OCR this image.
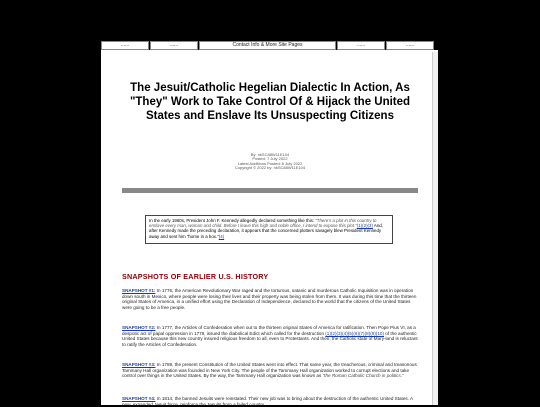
......	......	Contact Info & More Site Pages	......	......
The Jesuit/Catholic Hegelian Dialectic In Action, As "They" Work to Take Control Of & Hijack the United States and Enslave Its Unsuspecting Citizens
By: nkSC88W11E104
Posted: 7 July 2022
Latest Additions Posted: 6 July 2022
Copyright © 2022 by: nkSC88W11E104
In the early 1960s, President John F. Kennedy allegedly declared something like this: "There's a plot in this country to enslave every man, woman and child. Before I leave this high and noble office, I intend to expose this plot."(1)(2)(3) And, after Kennedy made the preceding declaration, it appears that the concerned plotters savagely blew President Kennedy away and sent him "home in a box."(4)
SNAPSHOTS OF EARLIER U.S. HISTORY
SNAPSHOT #1: In 1776, the American Revolutionary War raged and the torturous, satanic and murderous Catholic Inquisition was in operation down south in Mexico, where people were losing their lives and their property was being stolen from them. It was during this time that the thirteen original States of America, in a unified effort using the Declaration of Independence, declared to the world that the citizens of the United States were going to be a free people.
SNAPSHOT #2: In 1777, the Articles of Confederation when out to the thirteen original States of America for ratification. Then Pope Pius VI, as a despotic act of papal oppression in 1778, issued the diabolical Edict which called for the destruction (1)(2)(3)(4)(5)(6)(7)(8)(9)(10) of the authentic United States because this new country insured religious freedom to all, even to Protestants. And then, the Catholic state of Mary-land is reluctant to ratify the Articles of Confederation.
SNAPSHOT #3: In 1789, the present Constitution of the United States went into effect. That same year, the treacherous, criminal and treasonous Tammany Hall organization was founded in New York City. The people of the Tammany Hall organization worked to corrupt elections and take control over things in the United States. By the way, the Tammany Hall organization was known as "the Roman Catholic Church in politics."
SNAPSHOT #4: In 1814, the banned Jesuits were reinstated. Their new job was to bring about the destruction of the authentic United States. A new, expanded Jesuit force, reinforce the Jesuits from a failed country
